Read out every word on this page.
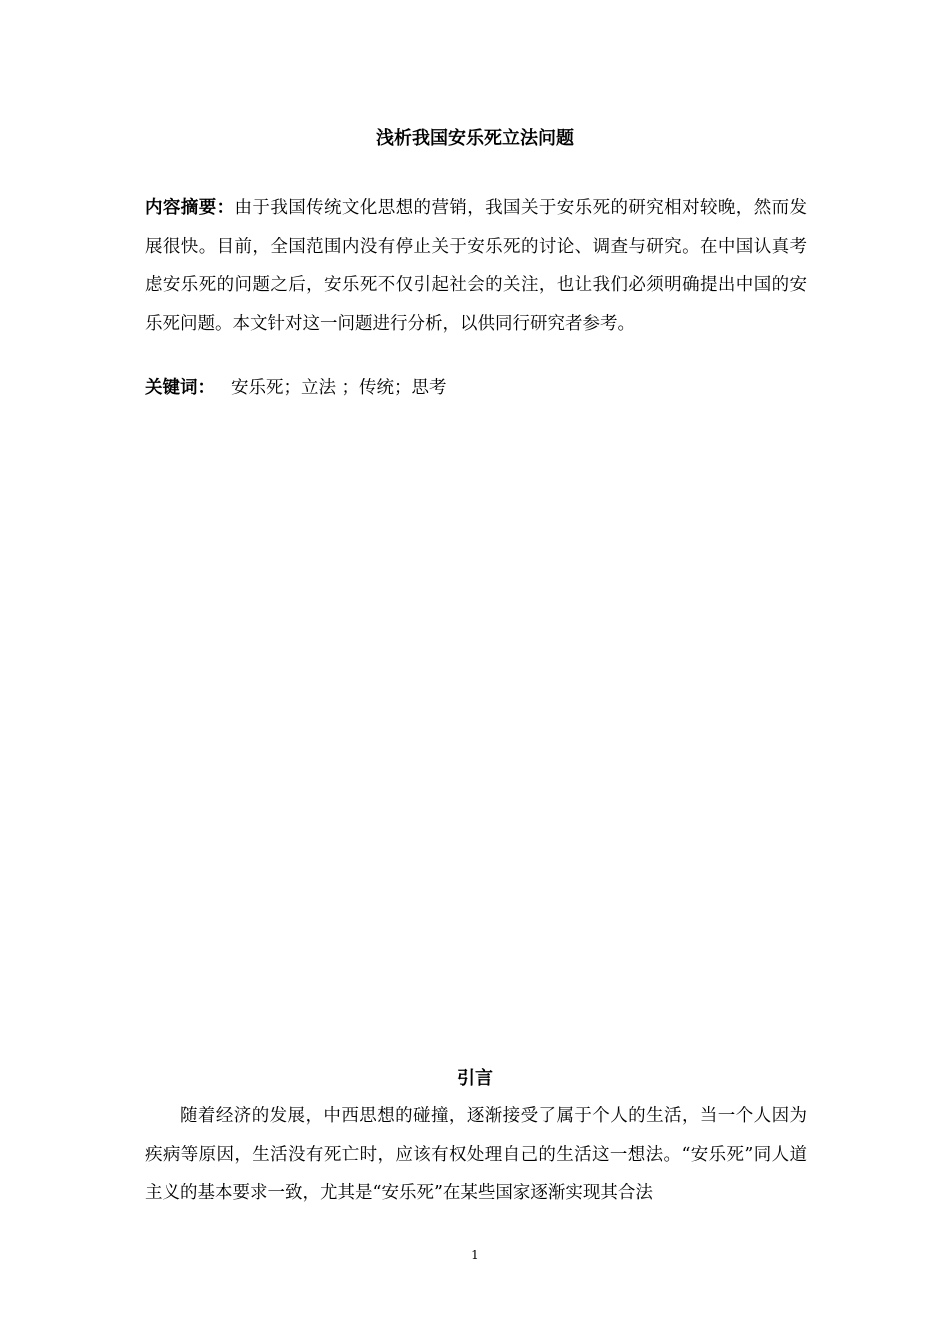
浅析我国安乐死立法问题

内容摘要：由于我国传统文化思想的营销，我国关于安乐死的研究相对较晚，然而发展很快。目前，全国范围内没有停止关于安乐死的讨论、调查与研究。在中国认真考虑安乐死的问题之后，安乐死不仅引起社会的关注，也让我们必须明确提出中国的安乐死问题。本文针对这一问题进行分析，以供同行研究者参考。

关键词： 安乐死；立法 ；传统；思考

引言

随着经济的发展，中西思想的碰撞，逐渐接受了属于个人的生活，当一个人因为疾病等原因，生活没有死亡时，应该有权处理自己的生活这一想法。“安乐死”同人道主义的基本要求一致，尤其是“安乐死”在某些国家逐渐实现其合法

1
